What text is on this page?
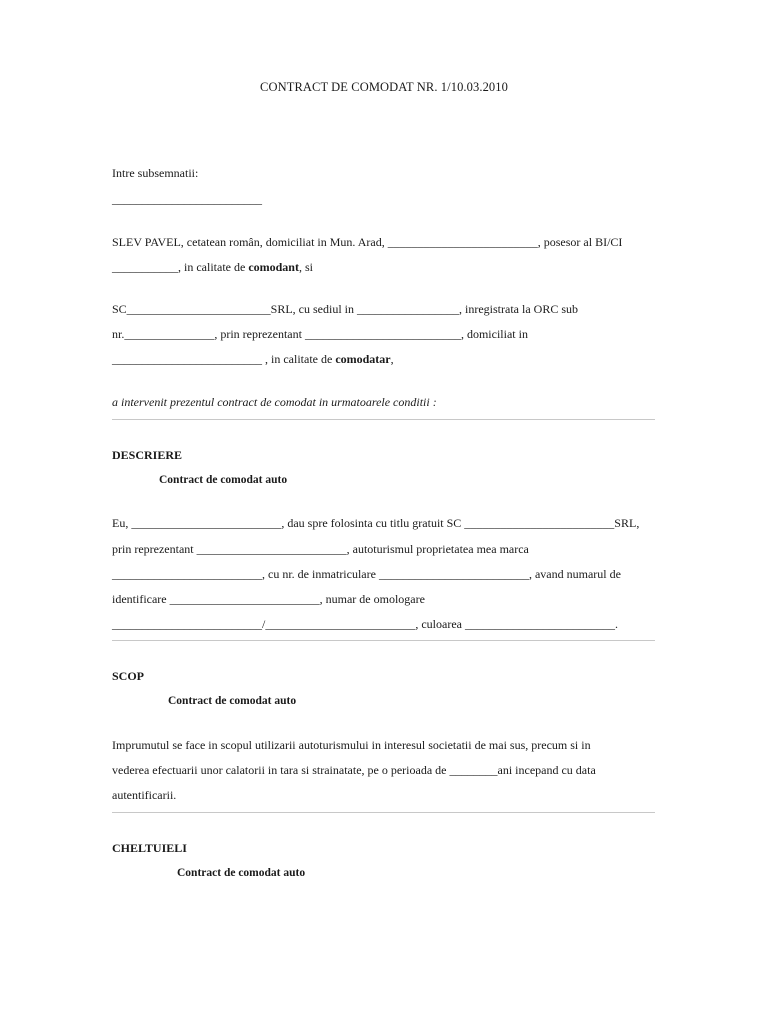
CONTRACT DE COMODAT NR. 1/10.03.2010
Intre subsemnatii:
_________________________
SLEV PAVEL, cetatean român, domiciliat in Mun. Arad, _________________________, posesor al BI/CI
___________, in calitate de comodant, si
SC________________________SRL, cu sediul in _________________, inregistrata la ORC sub
nr._______________, prin reprezentant __________________________, domiciliat in
_________________________ , in calitate de comodatar,
a intervenit prezentul contract de comodat in urmatoarele conditii :
DESCRIERE
Contract de comodat auto
Eu, _________________________, dau spre folosinta cu titlu gratuit SC _________________________SRL,
prin reprezentant _________________________, autoturismul proprietatea mea marca
_________________________, cu nr. de inmatriculare _________________________, avand numarul de
identificare _________________________, numar de omologare
_________________________/_________________________, culoarea _________________________.
SCOP
Contract de comodat auto
Imprumutul se face in scopul utilizarii autoturismului in interesul societatii de mai sus, precum si in
vederea efectuarii unor calatorii in tara si strainatate, pe o perioada de ________ani incepand cu data
autentificarii.
CHELTUIELI
Contract de comodat auto
